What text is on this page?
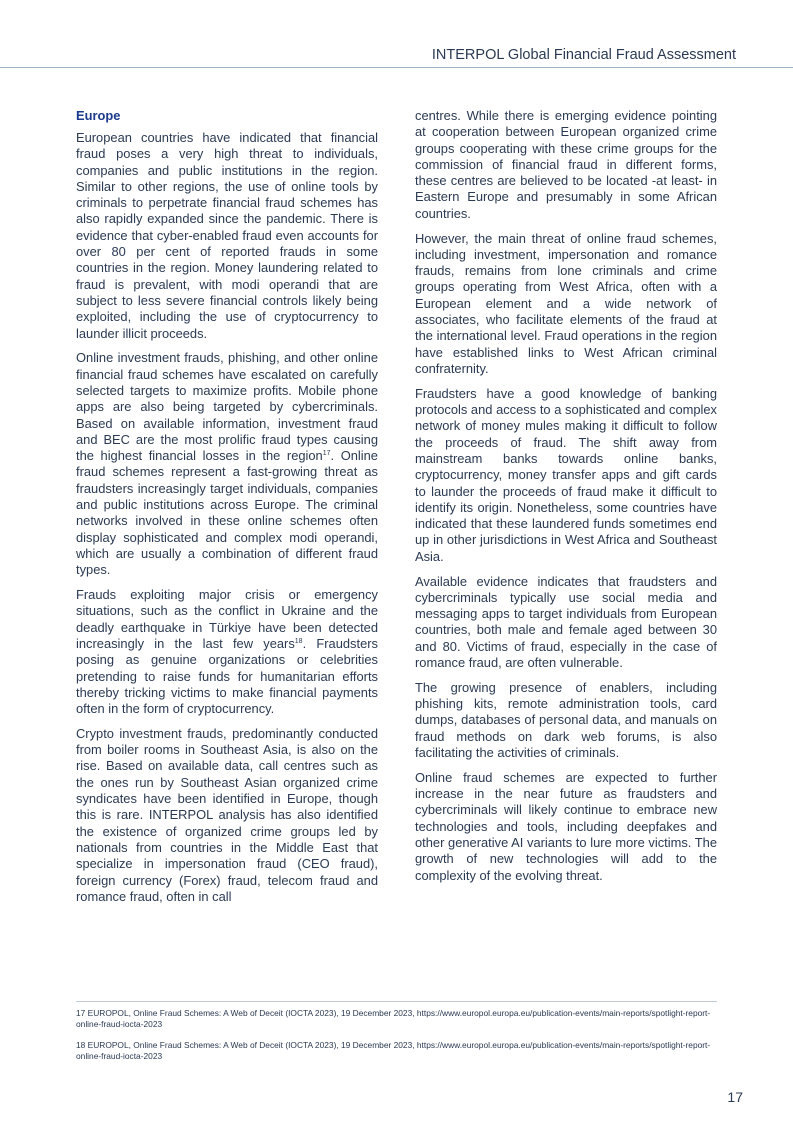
INTERPOL Global Financial Fraud Assessment
Europe

European countries have indicated that financial fraud poses a very high threat to individuals, companies and public institutions in the region. Similar to other regions, the use of online tools by criminals to perpetrate financial fraud schemes has also rapidly expanded since the pandemic. There is evidence that cyber-enabled fraud even accounts for over 80 per cent of reported frauds in some countries in the region. Money laundering related to fraud is prevalent, with modi operandi that are subject to less severe financial controls likely being exploited, including the use of cryptocurrency to launder illicit proceeds.

Online investment frauds, phishing, and other online financial fraud schemes have escalated on carefully selected targets to maximize profits. Mobile phone apps are also being targeted by cybercriminals. Based on available information, investment fraud and BEC are the most prolific fraud types causing the highest financial losses in the region$^{17}$. Online fraud schemes represent a fast-growing threat as fraudsters increasingly target individuals, companies and public institutions across Europe. The criminal networks involved in these online schemes often display sophisticated and complex modi operandi, which are usually a combination of different fraud types.

Frauds exploiting major crisis or emergency situations, such as the conflict in Ukraine and the deadly earthquake in Türkiye have been detected increasingly in the last few years$^{18}$. Fraudsters posing as genuine organizations or celebrities pretending to raise funds for humanitarian efforts thereby tricking victims to make financial payments often in the form of cryptocurrency.

Crypto investment frauds, predominantly conducted from boiler rooms in Southeast Asia, is also on the rise. Based on available data, call centres such as the ones run by Southeast Asian organized crime syndicates have been identified in Europe, though this is rare. INTERPOL analysis has also identified the existence of organized crime groups led by nationals from countries in the Middle East that specialize in impersonation fraud (CEO fraud), foreign currency (Forex) fraud, telecom fraud and romance fraud, often in call

centres. While there is emerging evidence pointing at cooperation between European organized crime groups cooperating with these crime groups for the commission of financial fraud in different forms, these centres are believed to be located -at least- in Eastern Europe and presumably in some African countries.

However, the main threat of online fraud schemes, including investment, impersonation and romance frauds, remains from lone criminals and crime groups operating from West Africa, often with a European element and a wide network of associates, who facilitate elements of the fraud at the international level. Fraud operations in the region have established links to West African criminal confraternity.

Fraudsters have a good knowledge of banking protocols and access to a sophisticated and complex network of money mules making it difficult to follow the proceeds of fraud. The shift away from mainstream banks towards online banks, cryptocurrency, money transfer apps and gift cards to launder the proceeds of fraud make it difficult to identify its origin. Nonetheless, some countries have indicated that these laundered funds sometimes end up in other jurisdictions in West Africa and Southeast Asia.

Available evidence indicates that fraudsters and cybercriminals typically use social media and messaging apps to target individuals from European countries, both male and female aged between 30 and 80. Victims of fraud, especially in the case of romance fraud, are often vulnerable.

The growing presence of enablers, including phishing kits, remote administration tools, card dumps, databases of personal data, and manuals on fraud methods on dark web forums, is also facilitating the activities of criminals.

Online fraud schemes are expected to further increase in the near future as fraudsters and cybercriminals will likely continue to embrace new technologies and tools, including deepfakes and other generative AI variants to lure more victims. The growth of new technologies will add to the complexity of the evolving threat.

17 EUROPOL, Online Fraud Schemes: A Web of Deceit (IOCTA 2023), 19 December 2023, https://www.europol.europa.eu/publication-events/main-reports/spotlight-report-online-fraud-iocta-2023
18 EUROPOL, Online Fraud Schemes: A Web of Deceit (IOCTA 2023), 19 December 2023, https://www.europol.europa.eu/publication-events/main-reports/spotlight-report-online-fraud-iocta-2023
17
